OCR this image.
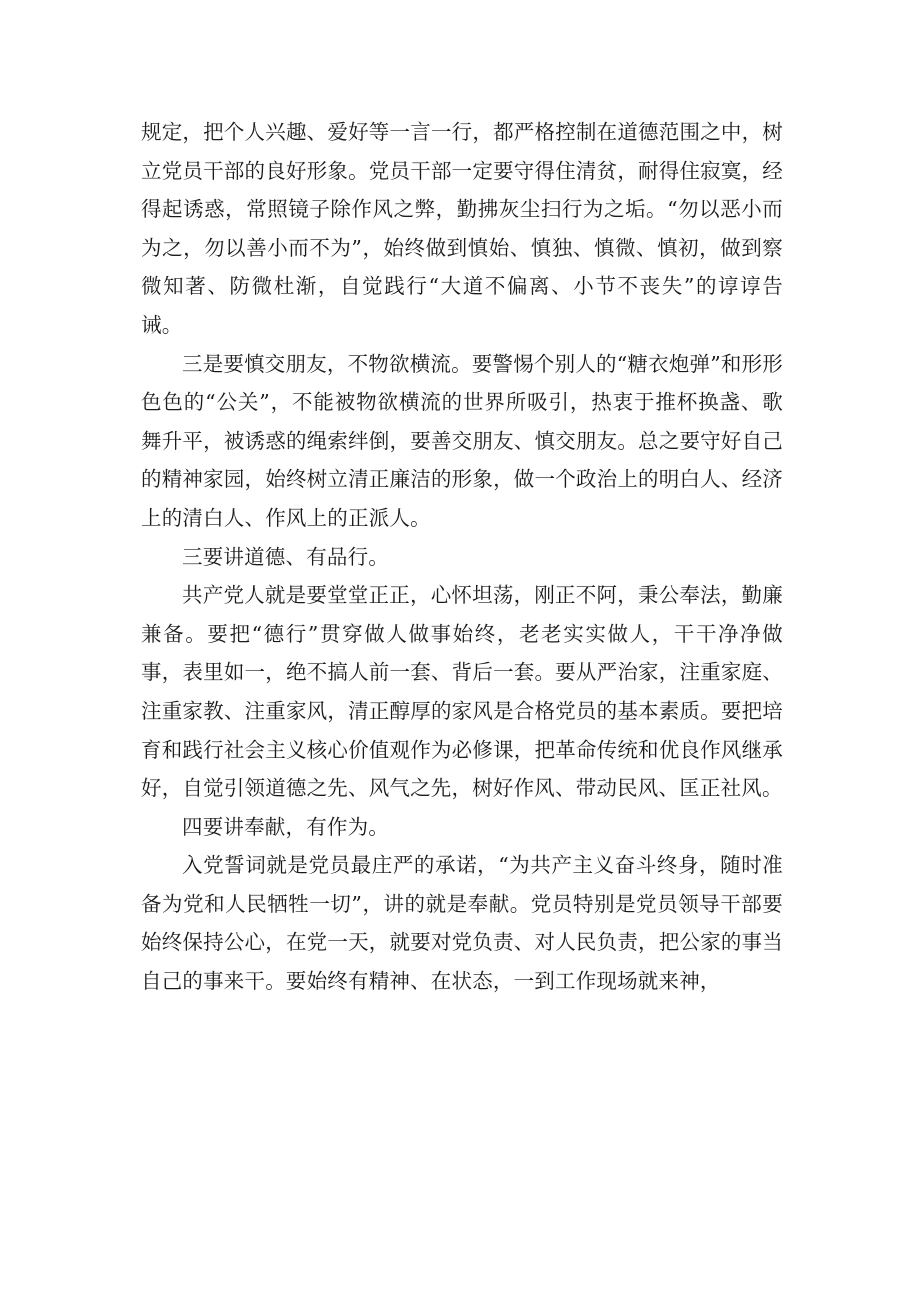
规定，把个人兴趣、爱好等一言一行，都严格控制在道德范围之中，树立党员干部的良好形象。党员干部一定要守得住清贫，耐得住寂寞，经得起诱惑，常照镜子除作风之弊，勤拂灰尘扫行为之垢。“勿以恶小而为之，勿以善小而不为”，始终做到慎始、慎独、慎微、慎初，做到察微知著、防微杜渐，自觉践行“大道不偏离、小节不丧失”的谆谆告诫。

三是要慎交朋友，不物欲横流。要警惕个别人的“糖衣炮弹”和形形色色的“公关”，不能被物欲横流的世界所吸引，热衷于推杯换盏、歌舞升平，被诱惑的绳索绊倒，要善交朋友、慎交朋友。总之要守好自己的精神家园，始终树立清正廉洁的形象，做一个政治上的明白人、经济上的清白人、作风上的正派人。

三要讲道德、有品行。

共产党人就是要堂堂正正，心怀坦荡，刚正不阿，秉公奉法，勤廉兼备。要把“德行”贯穿做人做事始终，老老实实做人，干干净净做事，表里如一，绝不搞人前一套、背后一套。要从严治家，注重家庭、注重家教、注重家风，清正醇厚的家风是合格党员的基本素质。要把培育和践行社会主义核心价值观作为必修课，把革命传统和优良作风继承好，自觉引领道德之先、风气之先，树好作风、带动民风、匡正社风。

四要讲奉献，有作为。

入党誓词就是党员最庄严的承诺，“为共产主义奋斗终身，随时准备为党和人民牺牲一切”，讲的就是奉献。党员特别是党员领导干部要始终保持公心，在党一天，就要对党负责、对人民负责，把公家的事当自己的事来干。要始终有精神、在状态，一到工作现场就来神，
